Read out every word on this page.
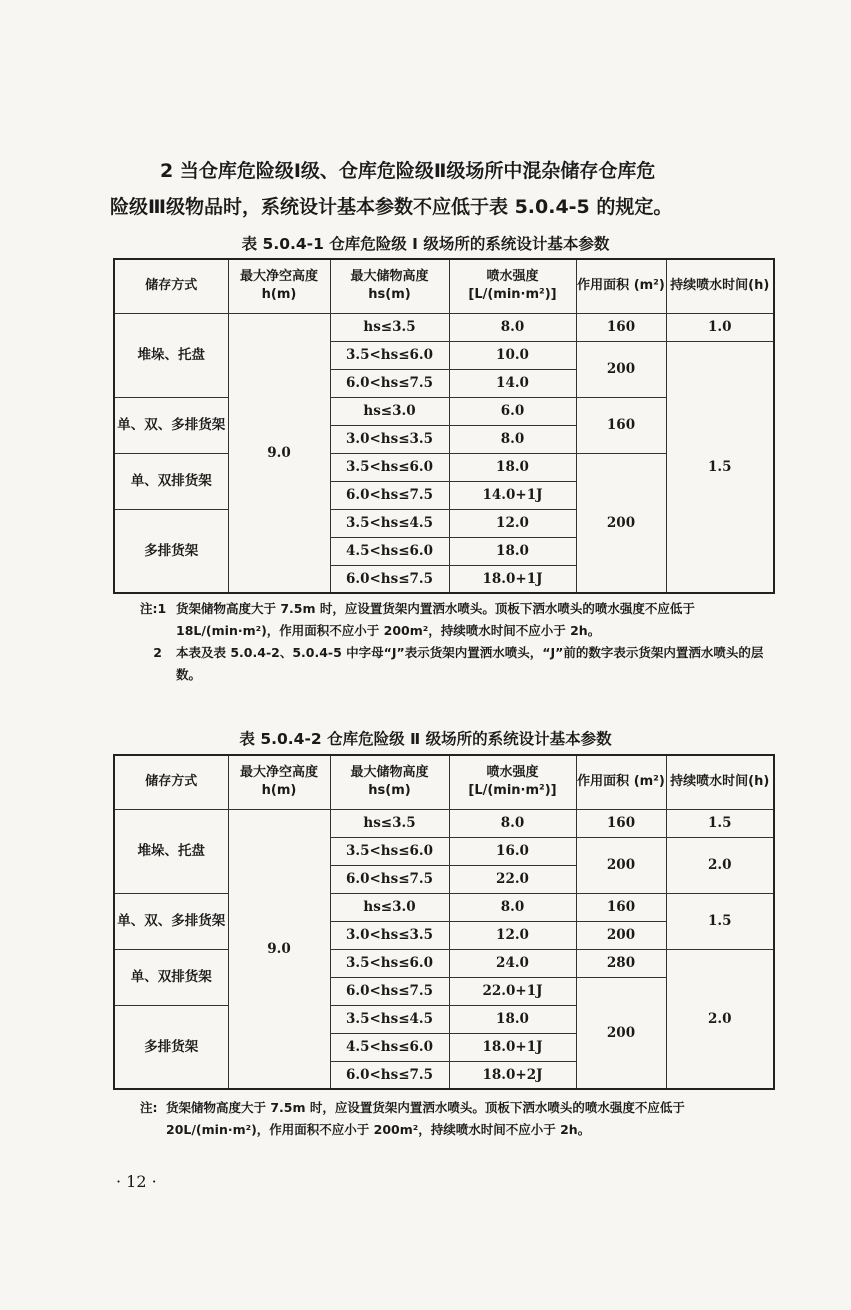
2 当仓库危险级Ⅰ级、仓库危险级Ⅱ级场所中混杂储存仓库危
险级Ⅲ级物品时，系统设计基本参数不应低于表 5.0.4-5 的规定。
表 5.0.4-1 仓库危险级 Ⅰ 级场所的系统设计基本参数
储存方式	最大净空高度 h(m)	最大储物高度 hs(m)	喷水强度 [L/(min·m²)]	作用面积 (m²)	持续喷水时间(h)
堆垛、托盘	9.0	hs≤3.5	8.0	160	1.0
		3.5<hs≤6.0	10.0	200	1.5
		6.0<hs≤7.5	14.0		
单、双、多排货架		hs≤3.0	6.0	160	
		3.0<hs≤3.5	8.0		
单、双排货架		3.5<hs≤6.0	18.0	200	
		6.0<hs≤7.5	14.0+1J		
多排货架		3.5<hs≤4.5	12.0		
		4.5<hs≤6.0	18.0		
		6.0<hs≤7.5	18.0+1J		
注:1 货架储物高度大于 7.5m 时，应设置货架内置洒水喷头。顶板下洒水喷头的喷水强度不应低于 18L/(min·m²)，作用面积不应小于 200m²，持续喷水时间不应小于 2h。
2	本表及表 5.0.4-2、5.0.4-5 中字母“J”表示货架内置洒水喷头，“J”前的数字表示货架内置洒水喷头的层数。
表 5.0.4-2 仓库危险级 Ⅱ 级场所的系统设计基本参数
储存方式	最大净空高度 h(m)	最大储物高度 hs(m)	喷水强度 [L/(min·m²)]	作用面积 (m²)	持续喷水时间(h)
堆垛、托盘	9.0	hs≤3.5	8.0	160	1.5
		3.5<hs≤6.0	16.0	200	2.0
		6.0<hs≤7.5	22.0		
单、双、多排货架		hs≤3.0	8.0	160	1.5
		3.0<hs≤3.5	12.0	200	
单、双排货架		3.5<hs≤6.0	24.0	280	2.0
		6.0<hs≤7.5	22.0+1J	200	
多排货架		3.5<hs≤4.5	18.0		
		4.5<hs≤6.0	18.0+1J		
		6.0<hs≤7.5	18.0+2J		
注: 货架储物高度大于 7.5m 时，应设置货架内置洒水喷头。顶板下洒水喷头的喷水强度不应低于 20L/(min·m²)，作用面积不应小于 200m²，持续喷水时间不应小于 2h。
· 12 ·
